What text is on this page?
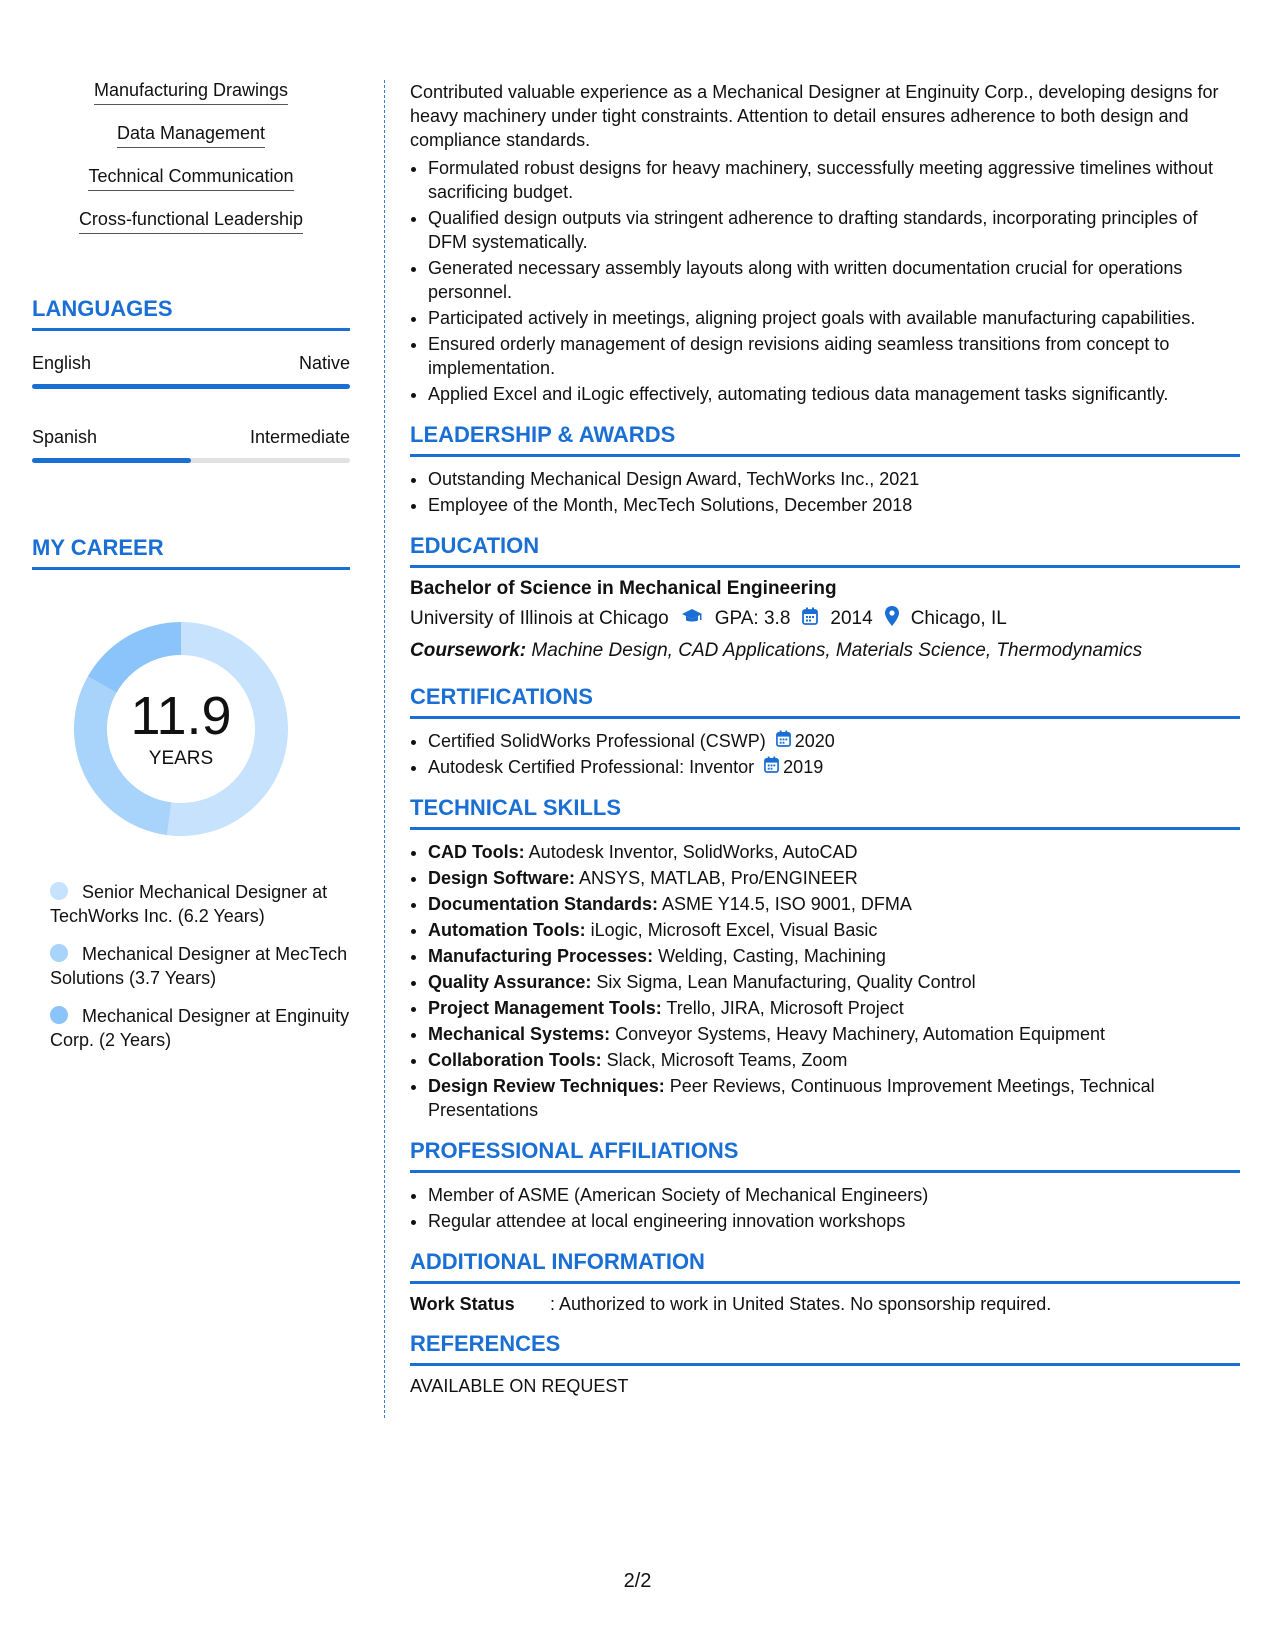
Manufacturing Drawings
Data Management
Technical Communication
Cross-functional Leadership
LANGUAGES
English	Native
Spanish	Intermediate
MY CAREER
11.9
YEARS
Senior Mechanical Designer at TechWorks Inc. (6.2 Years)
Mechanical Designer at MecTech Solutions (3.7 Years)
Mechanical Designer at Enginuity Corp. (2 Years)

Contributed valuable experience as a Mechanical Designer at Enginuity Corp., developing designs for heavy machinery under tight constraints. Attention to detail ensures adherence to both design and compliance standards.

• Formulated robust designs for heavy machinery, successfully meeting aggressive timelines without sacrificing budget.
• Qualified design outputs via stringent adherence to drafting standards, incorporating principles of DFM systematically.
• Generated necessary assembly layouts along with written documentation crucial for operations personnel.
• Participated actively in meetings, aligning project goals with available manufacturing capabilities.
• Ensured orderly management of design revisions aiding seamless transitions from concept to implementation.
• Applied Excel and iLogic effectively, automating tedious data management tasks significantly.
LEADERSHIP & AWARDS
• Outstanding Mechanical Design Award, TechWorks Inc., 2021
• Employee of the Month, MecTech Solutions, December 2018
EDUCATION
Bachelor of Science in Mechanical Engineering
University of Illinois at Chicago GPA: 3.8 2014 Chicago, IL
Coursework: Machine Design, CAD Applications, Materials Science, Thermodynamics
CERTIFICATIONS
• Certified SolidWorks Professional (CSWP) 2020
• Autodesk Certified Professional: Inventor 2019
TECHNICAL SKILLS
• CAD Tools: Autodesk Inventor, SolidWorks, AutoCAD
• Design Software: ANSYS, MATLAB, Pro/ENGINEER
• Documentation Standards: ASME Y14.5, ISO 9001, DFMA
• Automation Tools: iLogic, Microsoft Excel, Visual Basic
• Manufacturing Processes: Welding, Casting, Machining
• Quality Assurance: Six Sigma, Lean Manufacturing, Quality Control
• Project Management Tools: Trello, JIRA, Microsoft Project
• Mechanical Systems: Conveyor Systems, Heavy Machinery, Automation Equipment
• Collaboration Tools: Slack, Microsoft Teams, Zoom
• Design Review Techniques: Peer Reviews, Continuous Improvement Meetings, Technical Presentations
PROFESSIONAL AFFILIATIONS
• Member of ASME (American Society of Mechanical Engineers)
• Regular attendee at local engineering innovation workshops
ADDITIONAL INFORMATION
Work Status	: Authorized to work in United States. No sponsorship required.
REFERENCES
AVAILABLE ON REQUEST
2/2
